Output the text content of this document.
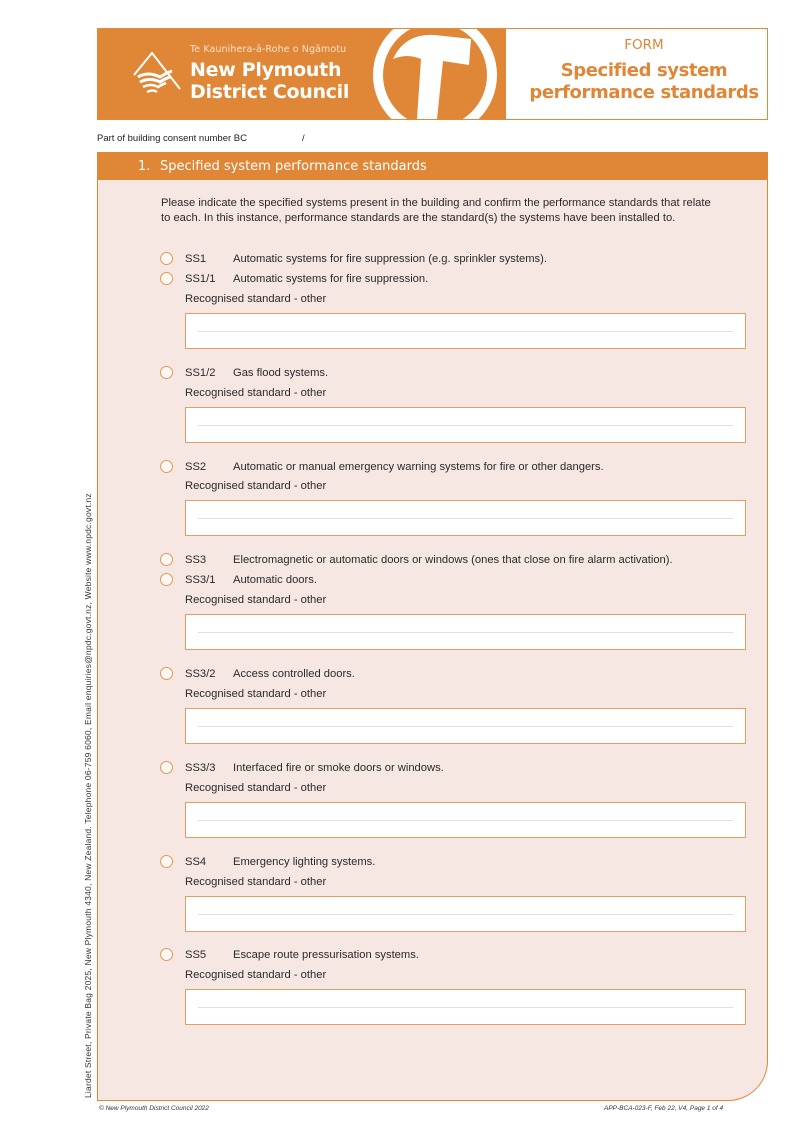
Te Kaunihera-ā-Rohe o Ngāmotu
New Plymouth
District Council
FORM
Specified system
performance standards
Part of building consent number BC	/
1. Specified system performance standards
Please indicate the specified systems present in the building and confirm the performance standards that relate
to each. In this instance, performance standards are the standard(s) the systems have been installed to.
SS1 Automatic systems for fire suppression (e.g. sprinkler systems).
SS1/1 Automatic systems for fire suppression.
Recognised standard - other
SS1/2 Gas flood systems.
Recognised standard - other
SS2 Automatic or manual emergency warning systems for fire or other dangers.
Recognised standard - other
SS3 Electromagnetic or automatic doors or windows (ones that close on fire alarm activation).
SS3/1 Automatic doors.
Recognised standard - other
SS3/2 Access controlled doors.
Recognised standard - other
SS3/3 Interfaced fire or smoke doors or windows.
Recognised standard - other
SS4 Emergency lighting systems.
Recognised standard - other
SS5 Escape route pressurisation systems.
Recognised standard - other
Liardet Street, Private Bag 2025, New Plymouth 4340, New Zealand. Telephone 06-759 6060, Email enquiries@npdc.govt.nz, Website www.npdc.govt.nz
© New Plymouth District Council 2022	APP-BCA-023-F, Feb 22, V4, Page 1 of 4
